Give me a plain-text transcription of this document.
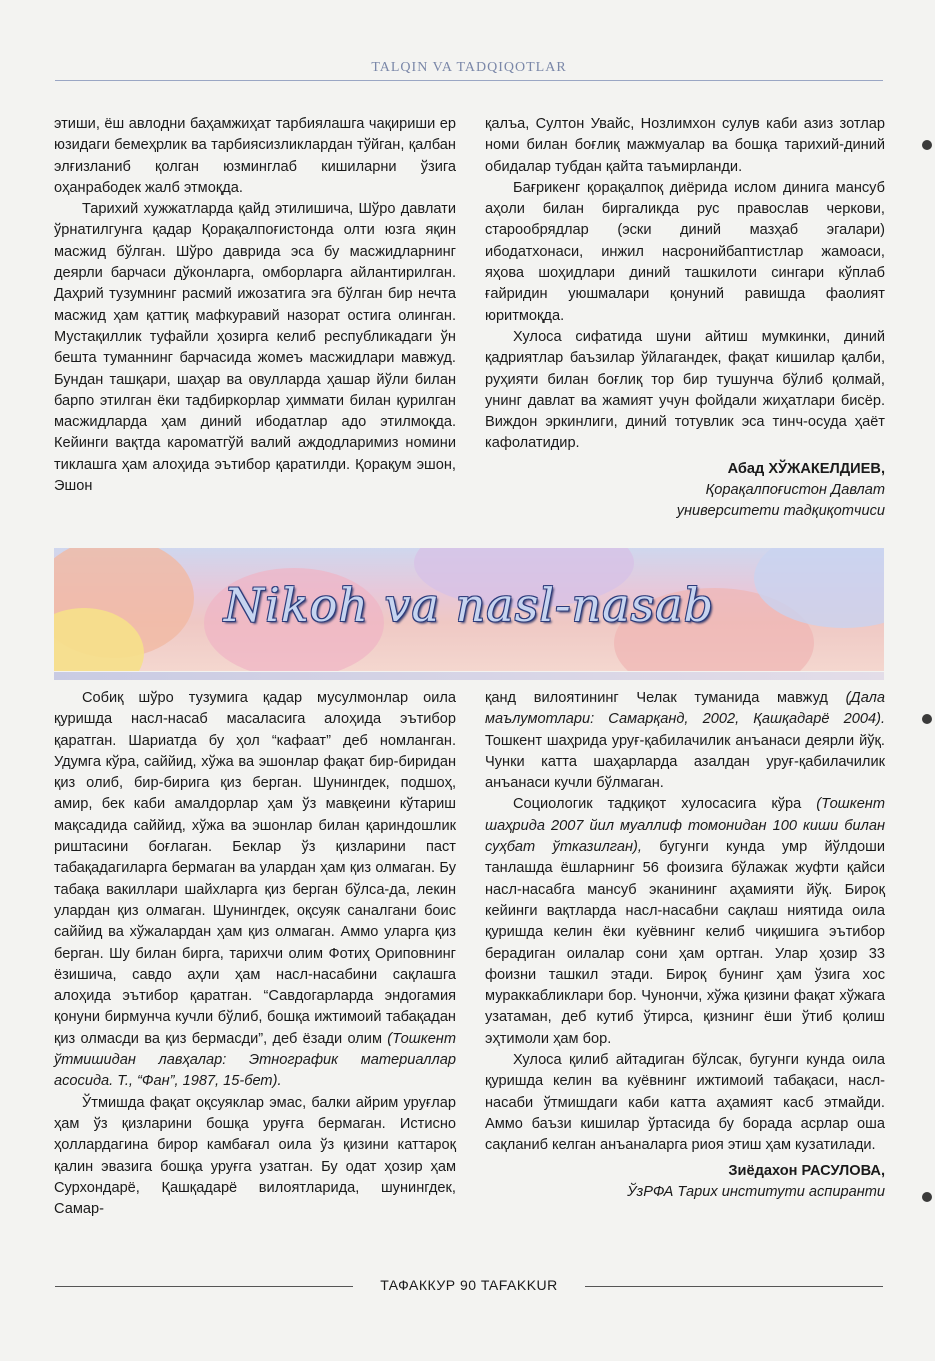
TALQIN VA TADQIQOTLAR

этиши, ёш авлодни баҳамжиҳат тарбиялашга чақириши ер юзидаги бемеҳрлик ва тарбиясизликлардан тўйган, қалбан элғизланиб қолган юзминглаб кишиларни ўзига оҳанрабодек жалб этмоқда.

Тарихий хужжатларда қайд этилишича, Шўро давлати ўрнатилгунга қадар Қорақалпоғистонда олти юзга яқин масжид бўлган. Шўро даврида эса бу масжидларнинг деярли барчаси дўконларга, омборларга айлантирилган. Даҳрий тузумнинг расмий ижозатига эга бўлган бир нечта масжид ҳам қаттиқ мафкуравий назорат остига олинган. Мустақиллик туфайли ҳозирга келиб республикадаги ўн бешта туманнинг барчасида жомеъ масжидлари мавжуд. Бундан ташқари, шаҳар ва овулларда ҳашар йўли билан барпо этилган ёки тадбиркорлар ҳиммати билан қурилган масжидларда ҳам диний ибодатлар адо этилмоқда. Кейинги вақтда кароматгўй валий аждодларимиз номини тиклашга ҳам алоҳида эътибор қаратилди. Қорақум эшон, Эшон

қалъа, Султон Увайс, Нозлимхон сулув каби азиз зотлар номи билан боғлиқ мажмуалар ва бошқа тарихий-диний обидалар тубдан қайта таъмирланди.

Бағрикенг қорақалпоқ диёрида ислом динига мансуб аҳоли билан биргаликда рус православ черкови, старообрядлар (эски диний мазҳаб эгалари) ибодатхонаси, инжил насронийбаптистлар жамоаси, яҳова шоҳидлари диний ташкилоти сингари кўплаб ғайридин уюшмалари қонуний равишда фаолият юритмоқда.

Хулоса сифатида шуни айтиш мумкинки, диний қадриятлар баъзилар ўйлагандек, фақат кишилар қалби, руҳияти билан боғлиқ тор бир тушунча бўлиб қолмай, унинг давлат ва жамият учун фойдали жиҳатлари бисёр. Виждон эркинлиги, диний тотувлик эса тинч-осуда ҳаёт кафолатидир.

Абад ХЎЖАКЕЛДИЕВ,

Қорақалпоғистон Давлат

университети тадқиқотчиси

Nikoh va nasl-nasab

Собиқ шўро тузумига қадар мусулмонлар оила қуришда насл-насаб масаласига алоҳида эътибор қаратган. Шариатда бу ҳол “кафаат” деб номланган. Удумга кўра, саййид, хўжа ва эшонлар фақат бир-биридан қиз олиб, бир-бирига қиз берган. Шунингдек, подшоҳ, амир, бек каби амалдорлар ҳам ўз мавқеини кўтариш мақсадида саййид, хўжа ва эшонлар билан қариндошлик риштасини боғлаган. Беклар ўз қизларини паст табақадагиларга бермаган ва улардан ҳам қиз олмаган. Бу табақа вакиллари шайхларга қиз берган бўлса-да, лекин улардан қиз олмаган. Шунингдек, оқсуяк саналгани боис саййид ва хўжалардан ҳам қиз олмаган. Аммо уларга қиз берган. Шу билан бирга, тарихчи олим Фотиҳ Ориповнинг ёзишича, савдо аҳли ҳам насл-насабини сақлашга алоҳида эътибор қаратган. “Савдогарларда эндогамия қонуни бирмунча кучли бўлиб, бошқа ижтимоий табақадан қиз олмасди ва қиз бермасди”, деб ёзади олим (Тошкент ўтмишидан лавҳалар: Этнографик материаллар асосида. Т., “Фан”, 1987, 15-бет).

Ўтмишда фақат оқсуяклар эмас, балки айрим уруғлар ҳам ўз қизларини бошқа уруғга бермаган. Истисно ҳоллардагина бирор камбағал оила ўз қизини каттароқ қалин эвазига бошқа уруғга узатган. Бу одат ҳозир ҳам Сурхондарё, Қашқадарё вилоятларида, шунингдек, Самар-

қанд вилоятининг Челак туманида мавжуд (Дала маълумотлари: Самарқанд, 2002, Қашқадарё 2004). Тошкент шаҳрида уруғ-қабилачилик анъанаси деярли йўқ. Чунки катта шаҳарларда азалдан уруғ-қабилачилик анъанаси кучли бўлмаган.

Социологик тадқиқот хулосасига кўра (Тошкент шаҳрида 2007 йил муаллиф томонидан 100 киши билан суҳбат ўтказилган), бугунги кунда умр йўлдоши танлашда ёшларнинг 56 фоизига бўлажак жуфти қайси насл-насабга мансуб эканининг аҳамияти йўқ. Бироқ кейинги вақтларда насл-насабни сақлаш ниятида оила қуришда келин ёки куёвнинг келиб чиқишига эътибор берадиган оилалар сони ҳам ортган. Улар ҳозир 33 фоизни ташкил этади. Бироқ бунинг ҳам ўзига хос мураккабликлари бор. Чунончи, хўжа қизини фақат хўжага узатаман, деб кутиб ўтирса, қизнинг ёши ўтиб қолиш эҳтимоли ҳам бор.

Хулоса қилиб айтадиган бўлсак, бугунги кунда оила қуришда келин ва куёвнинг ижтимоий табақаси, насл-насаби ўтмишдаги каби катта аҳамият касб этмайди. Аммо баъзи кишилар ўртасида бу борада асрлар оша сақланиб келган анъаналарга риоя этиш ҳам кузатилади.

Зиёдахон РАСУЛОВА,

ЎзРФА Тарих институти аспиранти

ТАФАККУР 90 TAFAKKUR
